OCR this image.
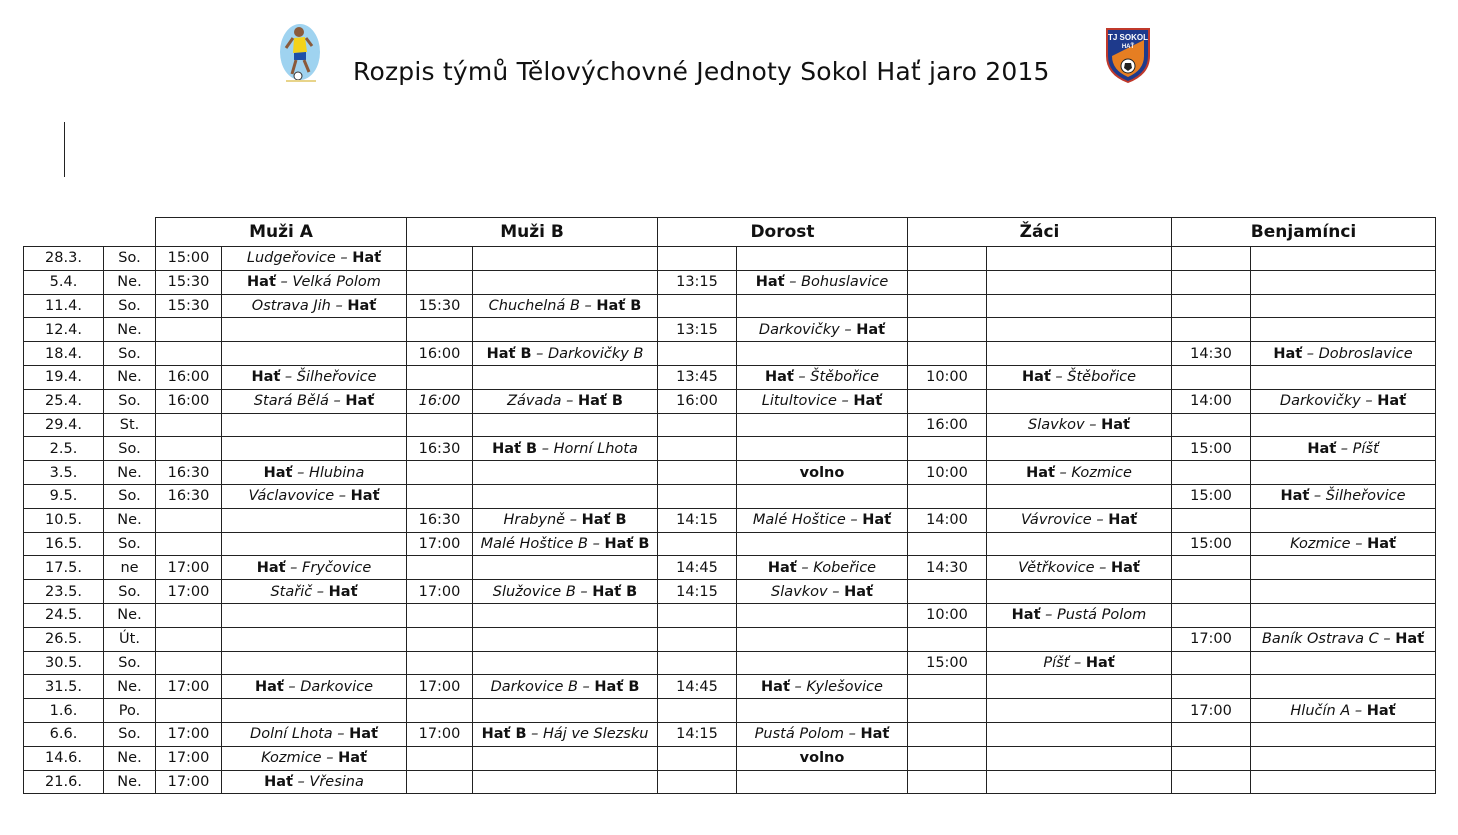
Rozpis týmů Tělovýchovné Jednoty Sokol Hať jaro 2015
TJ SOKOL
HAŤ
		Muži A		Muži B		Dorost		Žáci		Benjamínci	
28.3.	So.	15:00	Ludgeřovice – Hať								
5.4.	Ne.	15:30	Hať – Velká Polom			13:15	Hať – Bohuslavice				
11.4.	So.	15:30	Ostrava Jih – Hať	15:30	Chuchelná B – Hať B						
12.4.	Ne.					13:15	Darkovičky – Hať				
18.4.	So.			16:00	Hať B – Darkovičky B					14:30	Hať – Dobroslavice
19.4.	Ne.	16:00	Hať – Šilheřovice			13:45	Hať – Štěbořice	10:00	Hať – Štěbořice		
25.4.	So.	16:00	Stará Bělá – Hať	16:00	Závada – Hať B	16:00	Litultovice – Hať			14:00	Darkovičky – Hať
29.4.	St.							16:00	Slavkov – Hať		
2.5.	So.			16:30	Hať B – Horní Lhota					15:00	Hať – Píšť
3.5.	Ne.	16:30	Hať – Hlubina				volno	10:00	Hať – Kozmice		
9.5.	So.	16:30	Václavovice – Hať							15:00	Hať – Šilheřovice
10.5.	Ne.			16:30	Hrabyně – Hať B	14:15	Malé Hoštice – Hať	14:00	Vávrovice – Hať		
16.5.	So.			17:00	Malé Hoštice B – Hať B					15:00	Kozmice – Hať
17.5.	ne	17:00	Hať – Fryčovice			14:45	Hať – Kobeřice	14:30	Větřkovice – Hať		
23.5.	So.	17:00	Stařič – Hať	17:00	Služovice B – Hať B	14:15	Slavkov – Hať				
24.5.	Ne.							10:00	Hať – Pustá Polom		
26.5.	Út.									17:00	Baník Ostrava C – Hať
30.5.	So.							15:00	Píšť – Hať		
31.5.	Ne.	17:00	Hať – Darkovice	17:00	Darkovice B – Hať B	14:45	Hať – Kylešovice				
1.6.	Po.									17:00	Hlučín A – Hať
6.6.	So.	17:00	Dolní Lhota – Hať	17:00	Hať B – Háj ve Slezsku	14:15	Pustá Polom – Hať				
14.6.	Ne.	17:00	Kozmice – Hať				volno				
21.6.	Ne.	17:00	Hať – Vřesina								
